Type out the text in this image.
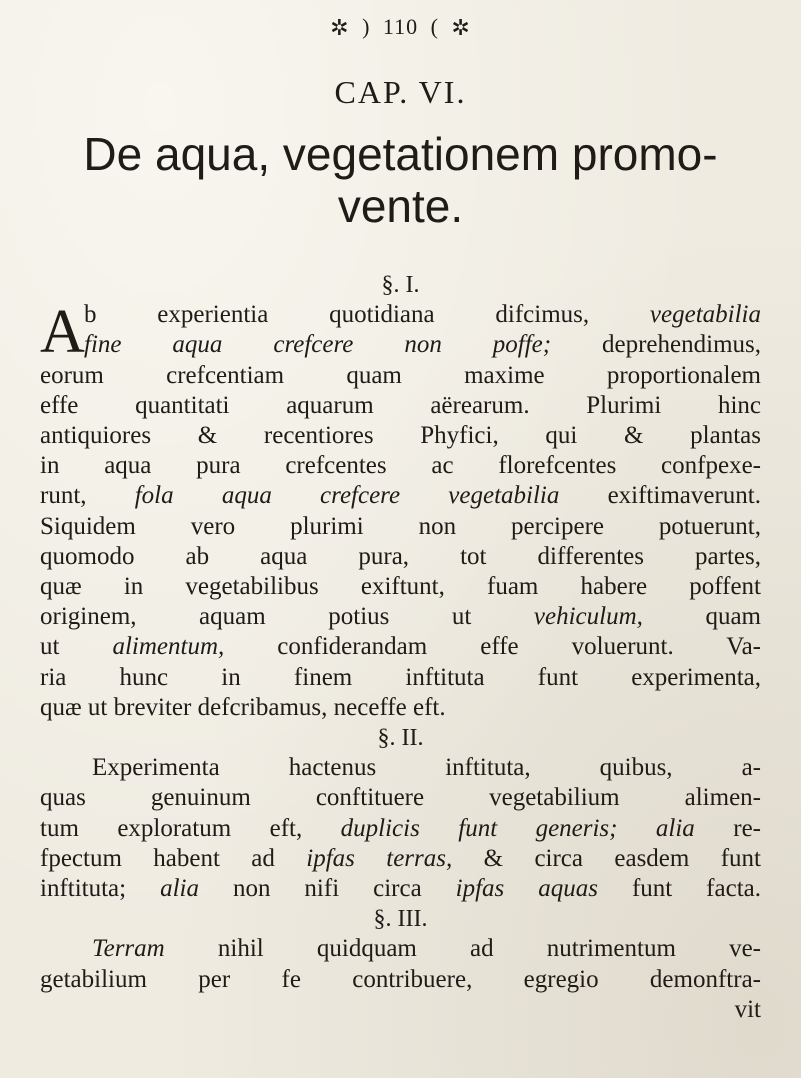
✲ ) 110 ( ✲
CAP. VI.
De aqua, vegetationem promo-
vente.
§. I.
A b experientia quotidiana difcimus, vegetabilia
fine aqua crefcere non poffe; deprehendimus,
eorum crefcentiam quam maxime proportionalem
effe quantitati aquarum aërearum. Plurimi hinc
antiquiores & recentiores Phyfici, qui & plantas
in aqua pura crefcentes ac florefcentes confpexe-
runt, fola aqua crefcere vegetabilia exiftimaverunt.
Siquidem vero plurimi non percipere potuerunt,
quomodo ab aqua pura, tot differentes partes,
quæ in vegetabilibus exiftunt, fuam habere poffent
originem, aquam potius ut vehiculum, quam
ut alimentum, confiderandam effe voluerunt. Va-
ria hunc in finem inftituta funt experimenta,
quæ ut breviter defcribamus, neceffe eft.
§. II.
Experimenta hactenus inftituta, quibus, a-
quas genuinum conftituere vegetabilium alimen-
tum exploratum eft, duplicis funt generis; alia re-
fpectum habent ad ipfas terras, & circa easdem funt
inftituta; alia non nifi circa ipfas aquas funt facta.
§. III.
Terram nihil quidquam ad nutrimentum ve-
getabilium per fe contribuere, egregio demonftra-
vit
